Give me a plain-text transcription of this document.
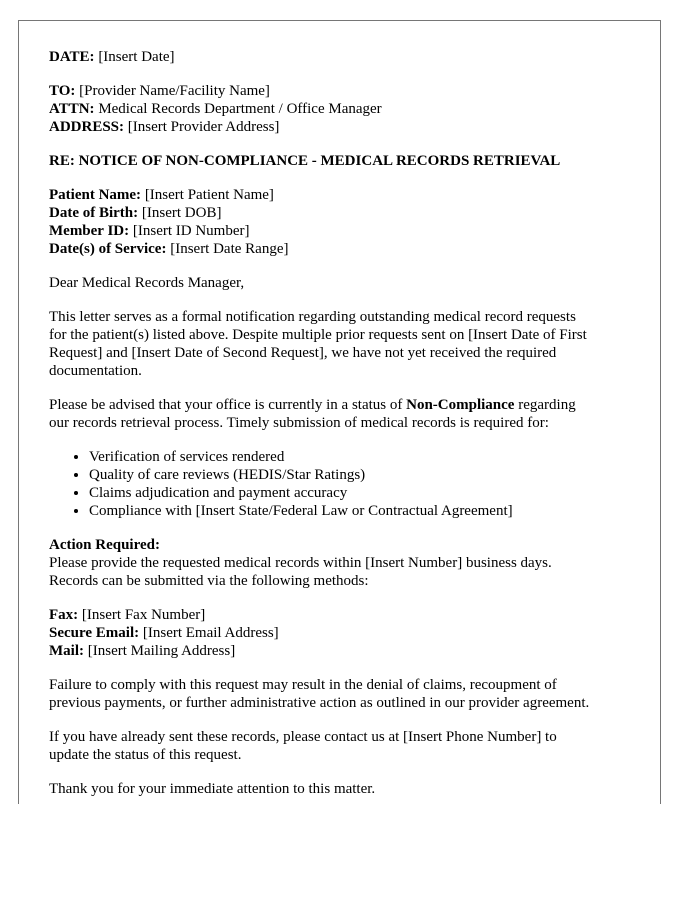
DATE: [Insert Date]

TO: [Provider Name/Facility Name]
ATTN: Medical Records Department / Office Manager
ADDRESS: [Insert Provider Address]

RE: NOTICE OF NON-COMPLIANCE - MEDICAL RECORDS RETRIEVAL

Patient Name: [Insert Patient Name]
Date of Birth: [Insert DOB]
Member ID: [Insert ID Number]
Date(s) of Service: [Insert Date Range]

Dear Medical Records Manager,

This letter serves as a formal notification regarding outstanding medical record requests
for the patient(s) listed above. Despite multiple prior requests sent on [Insert Date of First
Request] and [Insert Date of Second Request], we have not yet received the required
documentation.

Please be advised that your office is currently in a status of Non-Compliance regarding
our records retrieval process. Timely submission of medical records is required for:

• Verification of services rendered
• Quality of care reviews (HEDIS/Star Ratings)
• Claims adjudication and payment accuracy
• Compliance with [Insert State/Federal Law or Contractual Agreement]

Action Required:
Please provide the requested medical records within [Insert Number] business days.
Records can be submitted via the following methods:

Fax: [Insert Fax Number]
Secure Email: [Insert Email Address]
Mail: [Insert Mailing Address]

Failure to comply with this request may result in the denial of claims, recoupment of
previous payments, or further administrative action as outlined in our provider agreement.

If you have already sent these records, please contact us at [Insert Phone Number] to
update the status of this request.

Thank you for your immediate attention to this matter.
